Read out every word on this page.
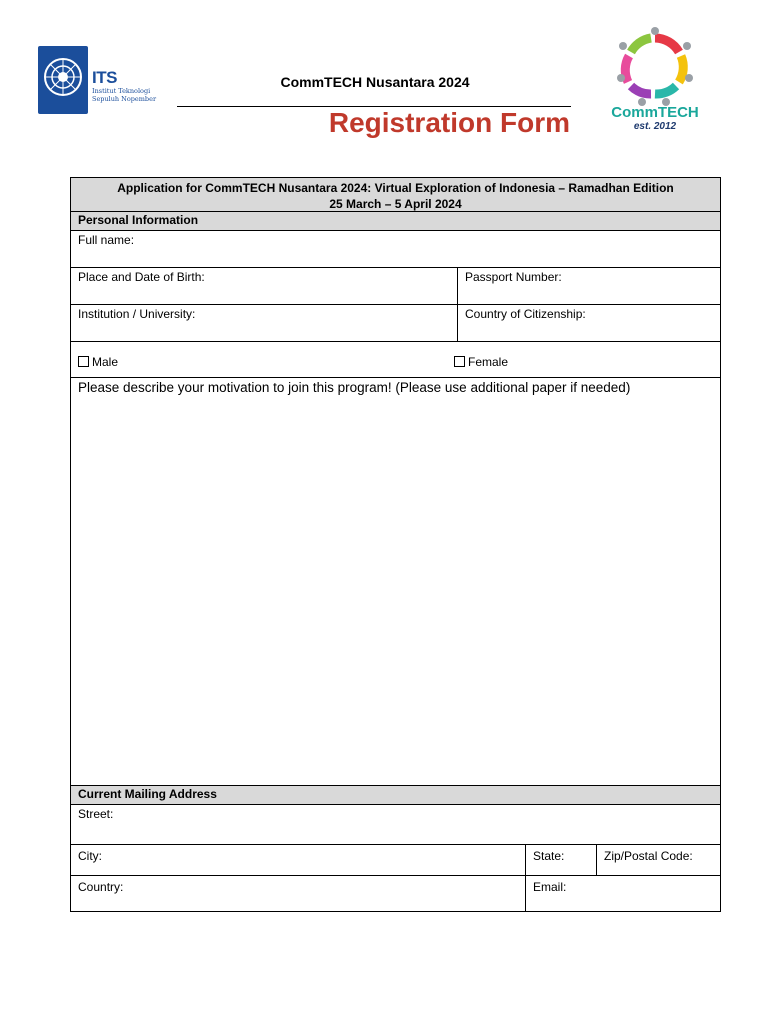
ITS
Institut Teknologi Sepuluh Nopember
CommTECH Nusantara 2024
Registration Form	CommTECH
est. 2012
Application for CommTECH Nusantara 2024: Virtual Exploration of Indonesia – Ramadhan Edition
25 March – 5 April 2024
Personal Information
Full name:
Place and Date of Birth:	Passport Number:
Institution / University:	Country of Citizenship:
Male	Female
Please describe your motivation to join this program! (Please use additional paper if needed)
Current Mailing Address
Street:
City:	State:	Zip/Postal Code:
Country:	Email:
